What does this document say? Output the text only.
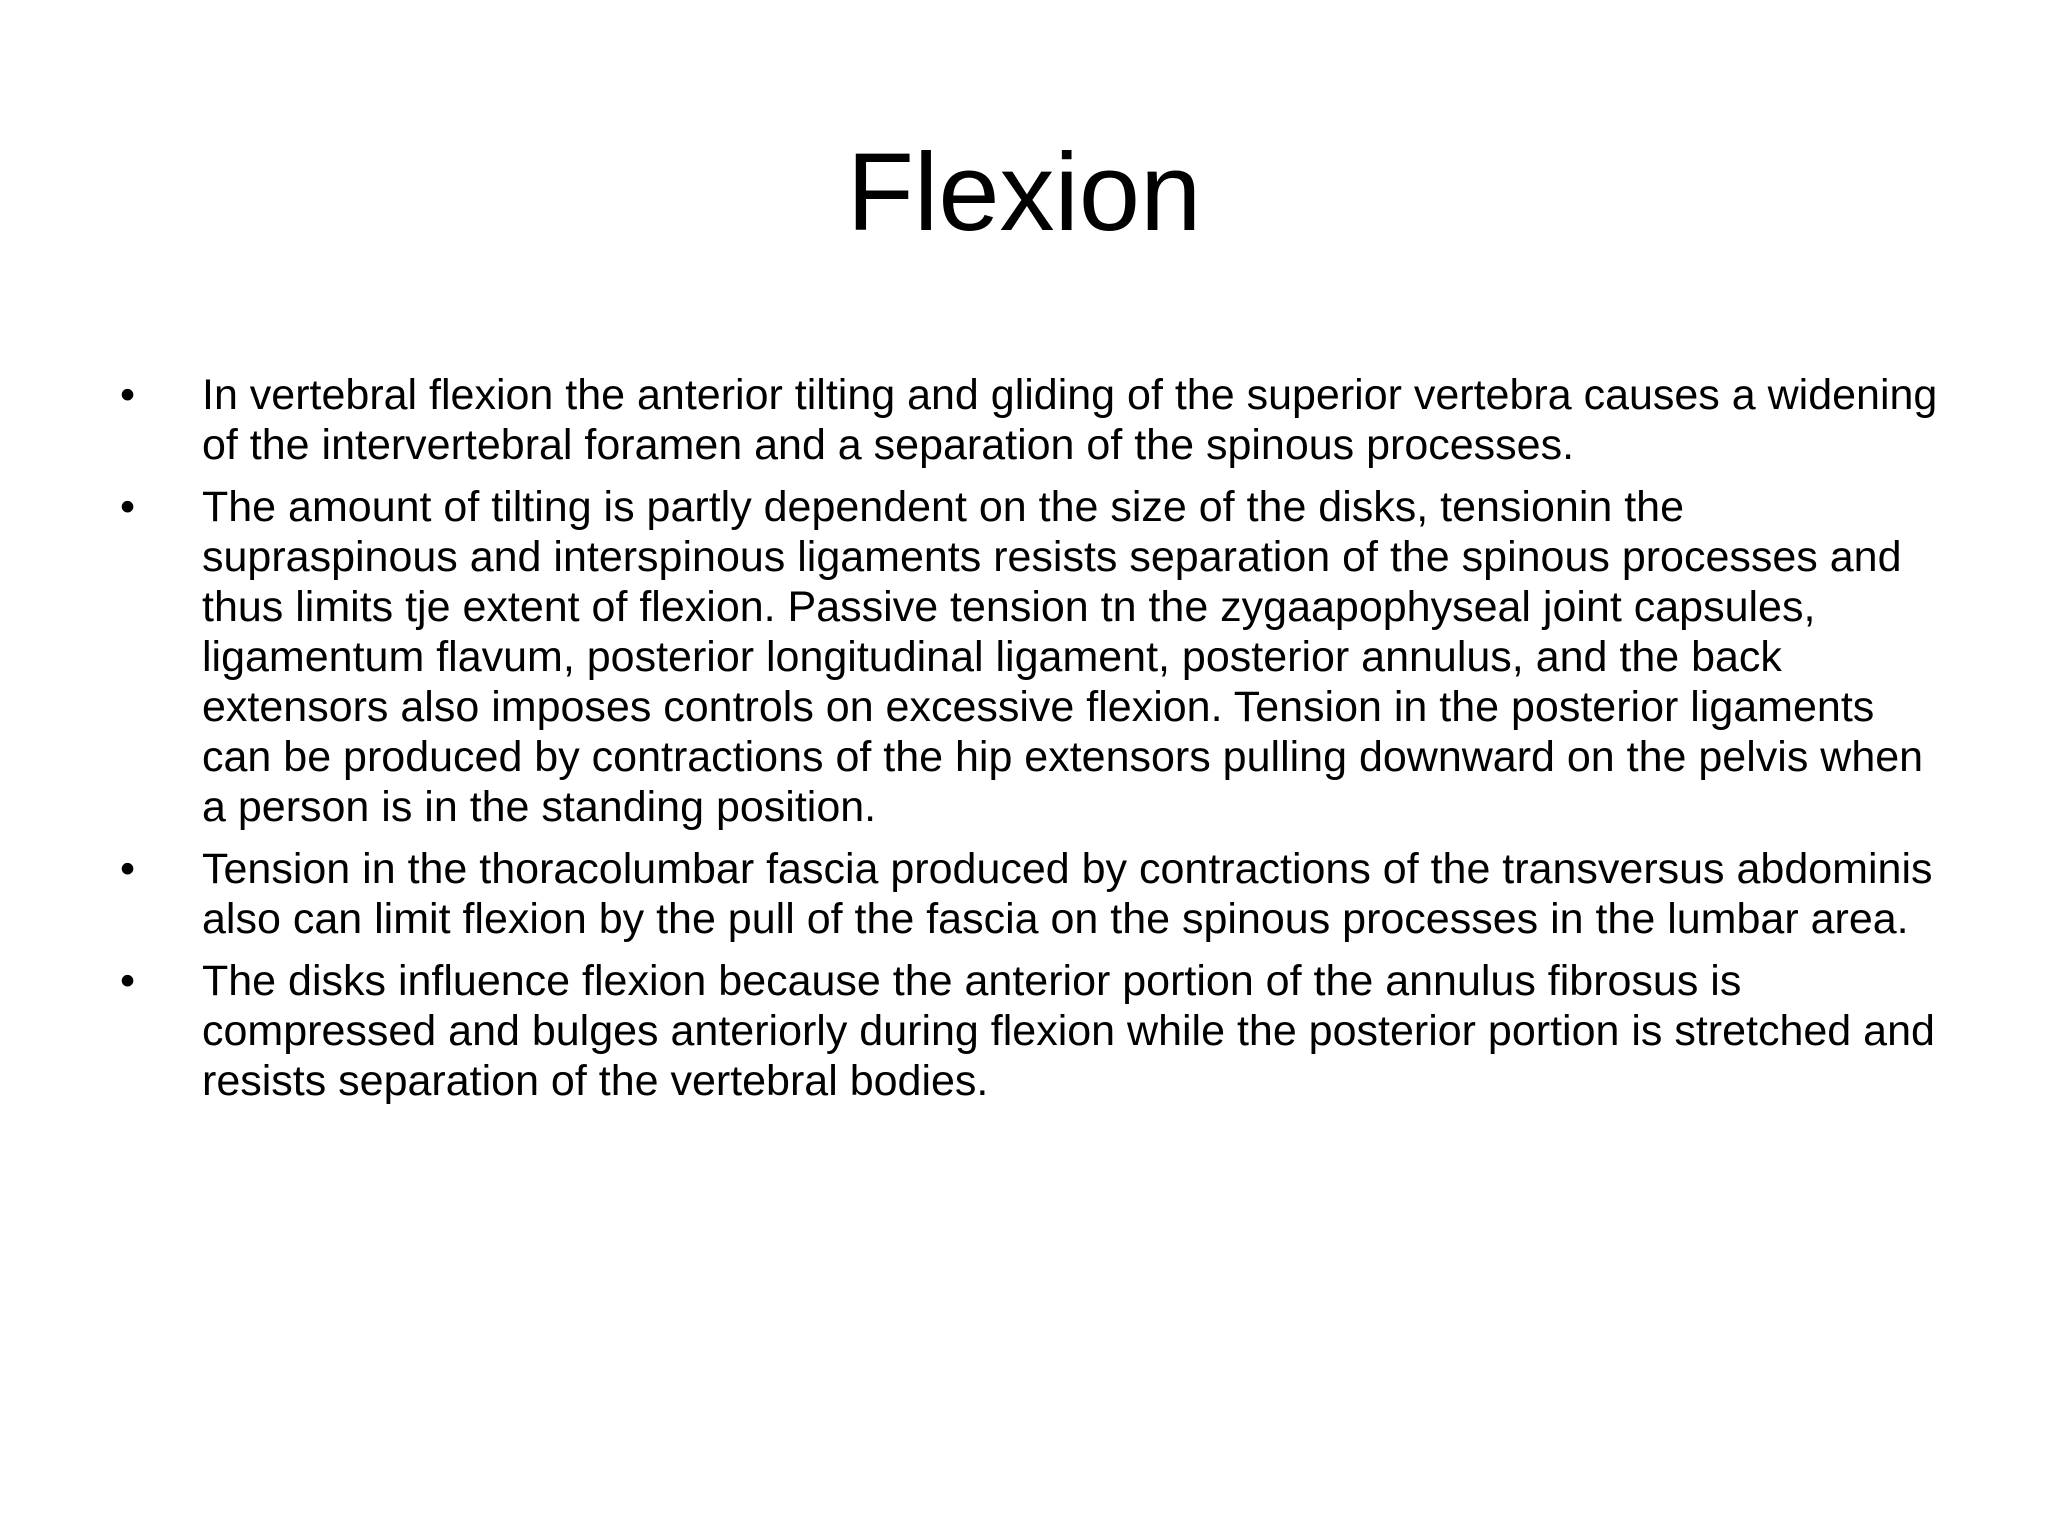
Flexion
•	In vertebral flexion the anterior tilting and gliding of the superior vertebra causes a widening of the intervertebral foramen and a separation of the spinous processes.
•	The amount of tilting is partly dependent on the size of the disks, tensionin the supraspinous and interspinous ligaments resists separation of the spinous processes and thus limits tje extent of flexion. Passive tension tn the zygaapophyseal joint capsules, ligamentum flavum, posterior longitudinal ligament, posterior annulus, and the back extensors also imposes controls on excessive flexion. Tension in the posterior ligaments can be produced by contractions of the hip extensors pulling downward on the pelvis when a person is in the standing position.
•	Tension in the thoracolumbar fascia produced by contractions of the transversus abdominis also can limit flexion by the pull of the fascia on the spinous processes in the lumbar area.
•	The disks influence flexion because the anterior portion of the annulus fibrosus is compressed and bulges anteriorly during flexion while the posterior portion is stretched and resists separation of the vertebral bodies.
